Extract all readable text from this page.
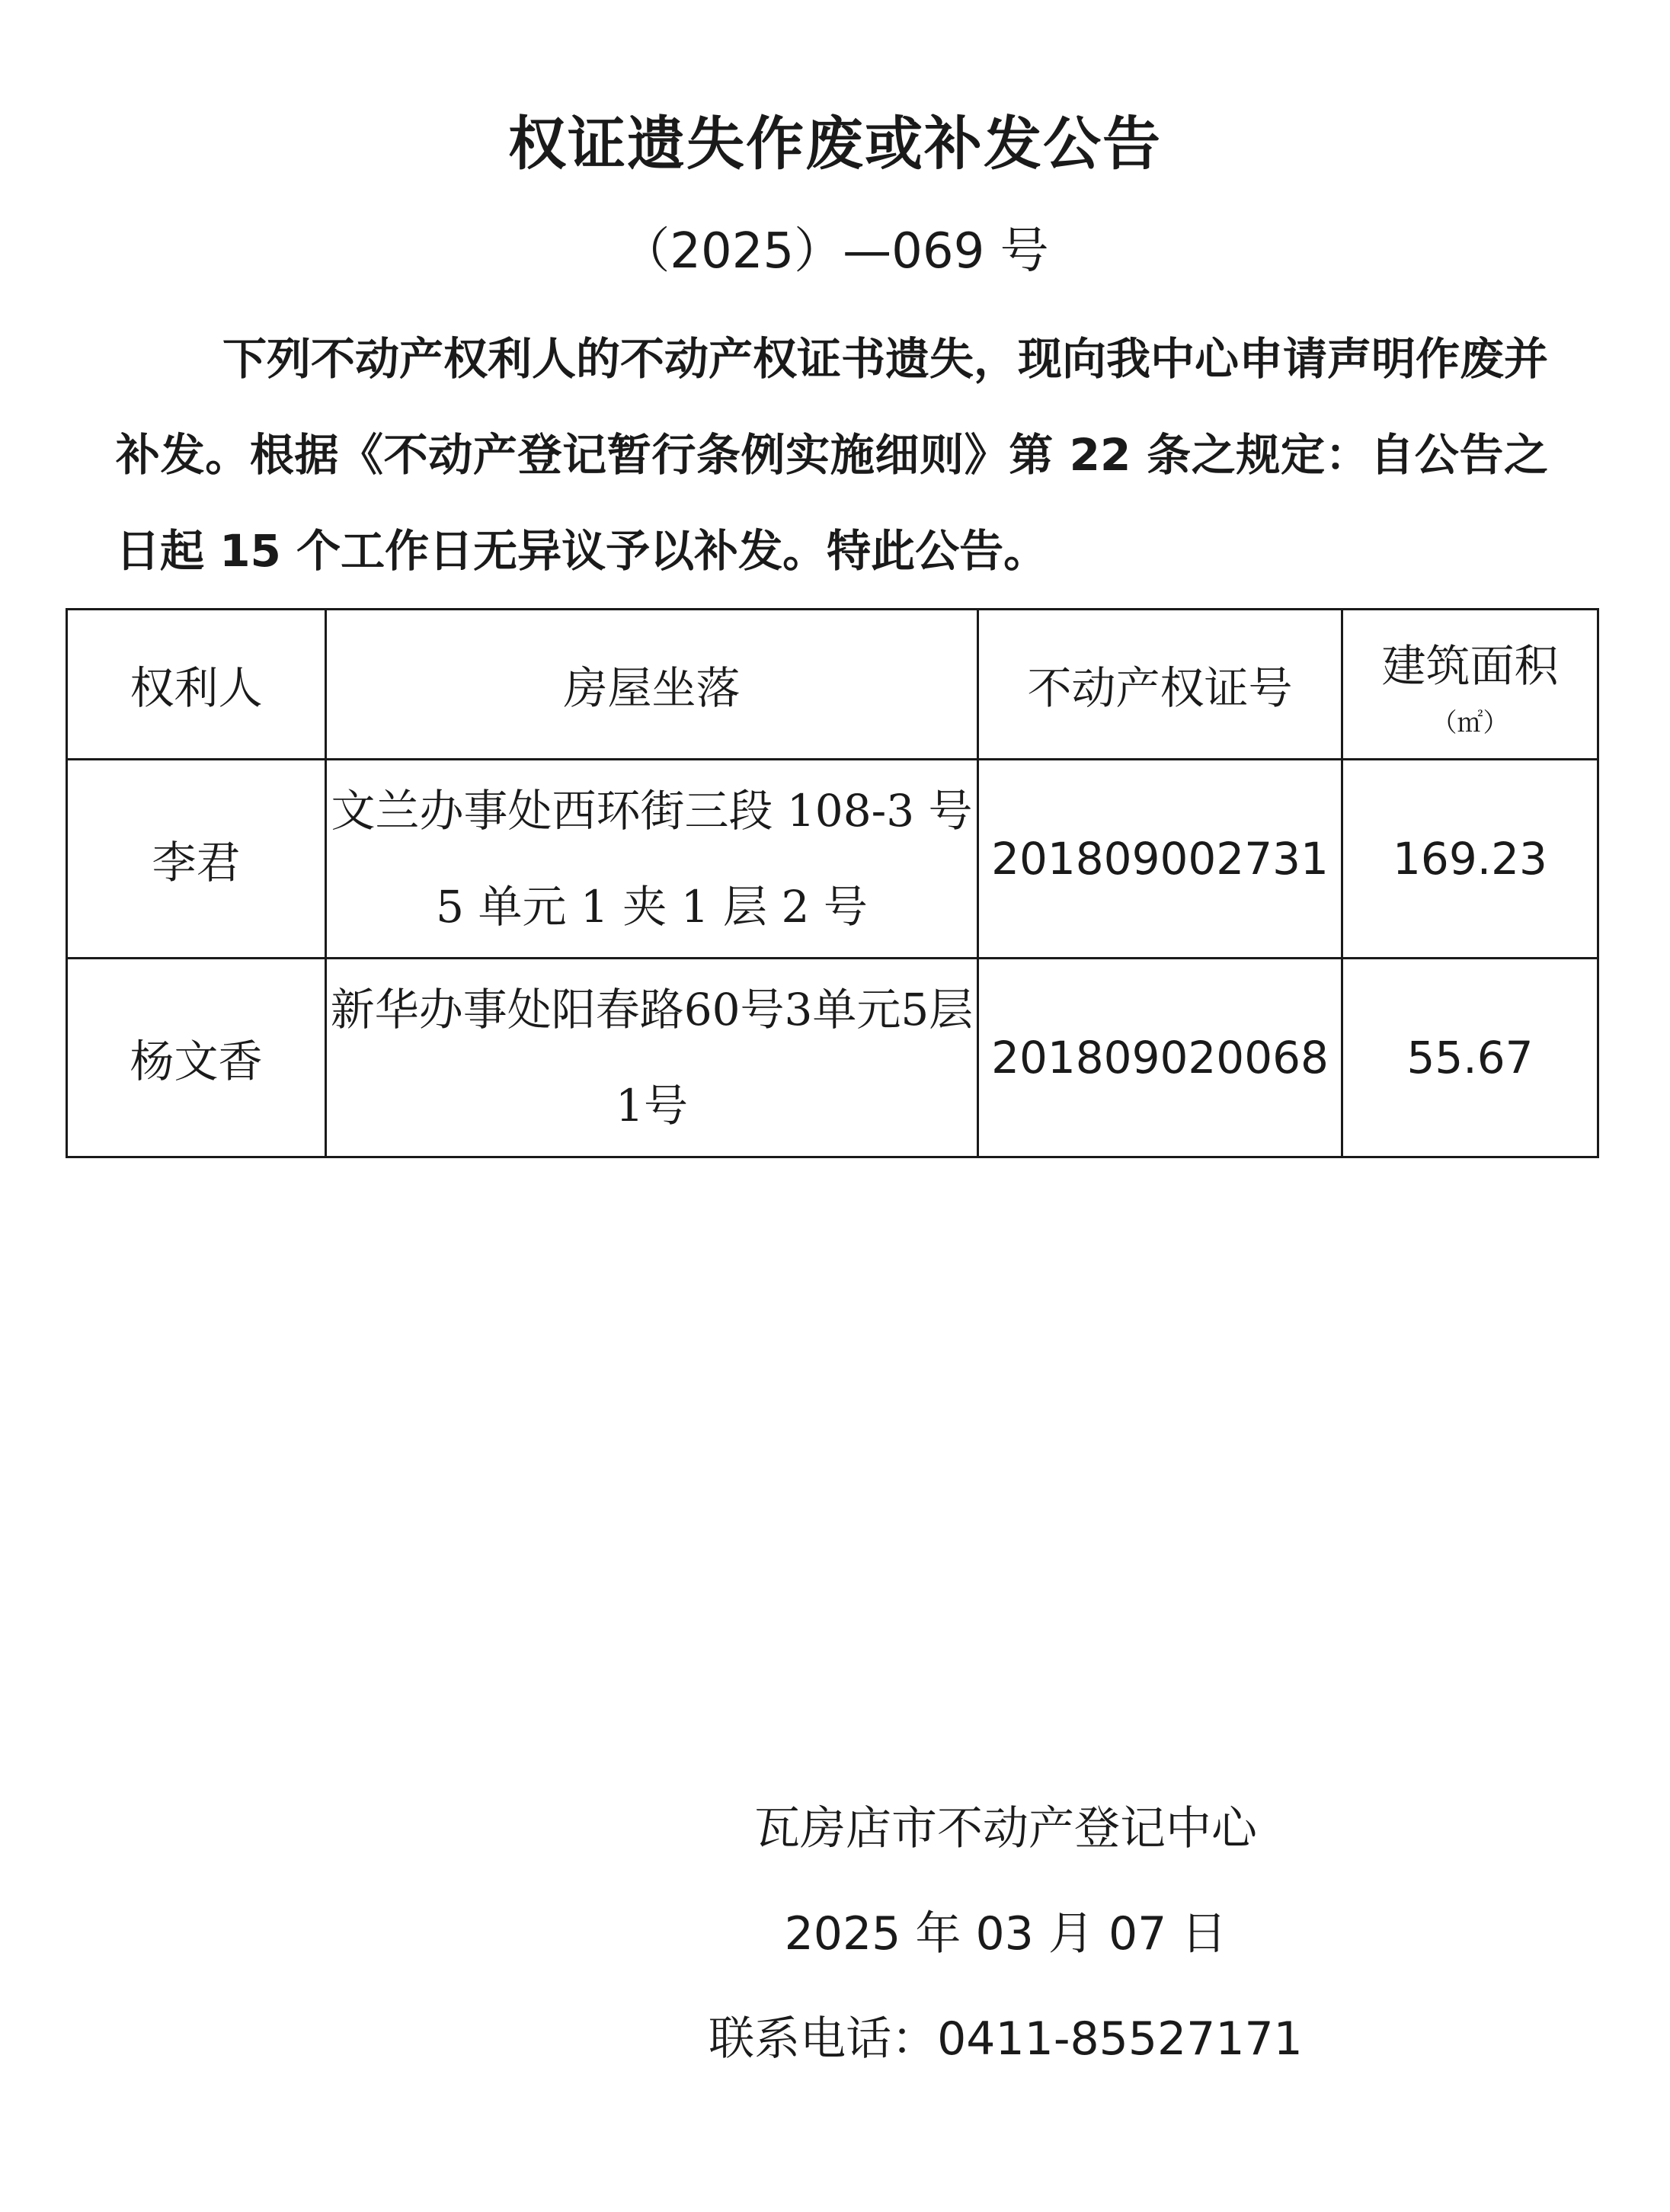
权证遗失作废或补发公告
（2025）—069 号
下列不动产权利人的不动产权证书遗失，现向我中心申请声明作废并补发。根据《不动产登记暂行条例实施细则》第 22 条之规定：自公告之日起 15 个工作日无异议予以补发。特此公告。
权利人	房屋坐落	不动产权证号	建筑面积
（㎡）

李君	文兰办事处西环街三段 108-3 号 5 单元 1 夹 1 层 2 号	201809002731	169.23
杨文香	新华办事处阳春路60号3单元5层1号	201809020068	55.67
瓦房店市不动产登记中心
2025 年 03 月 07 日
联系电话：0411-85527171
